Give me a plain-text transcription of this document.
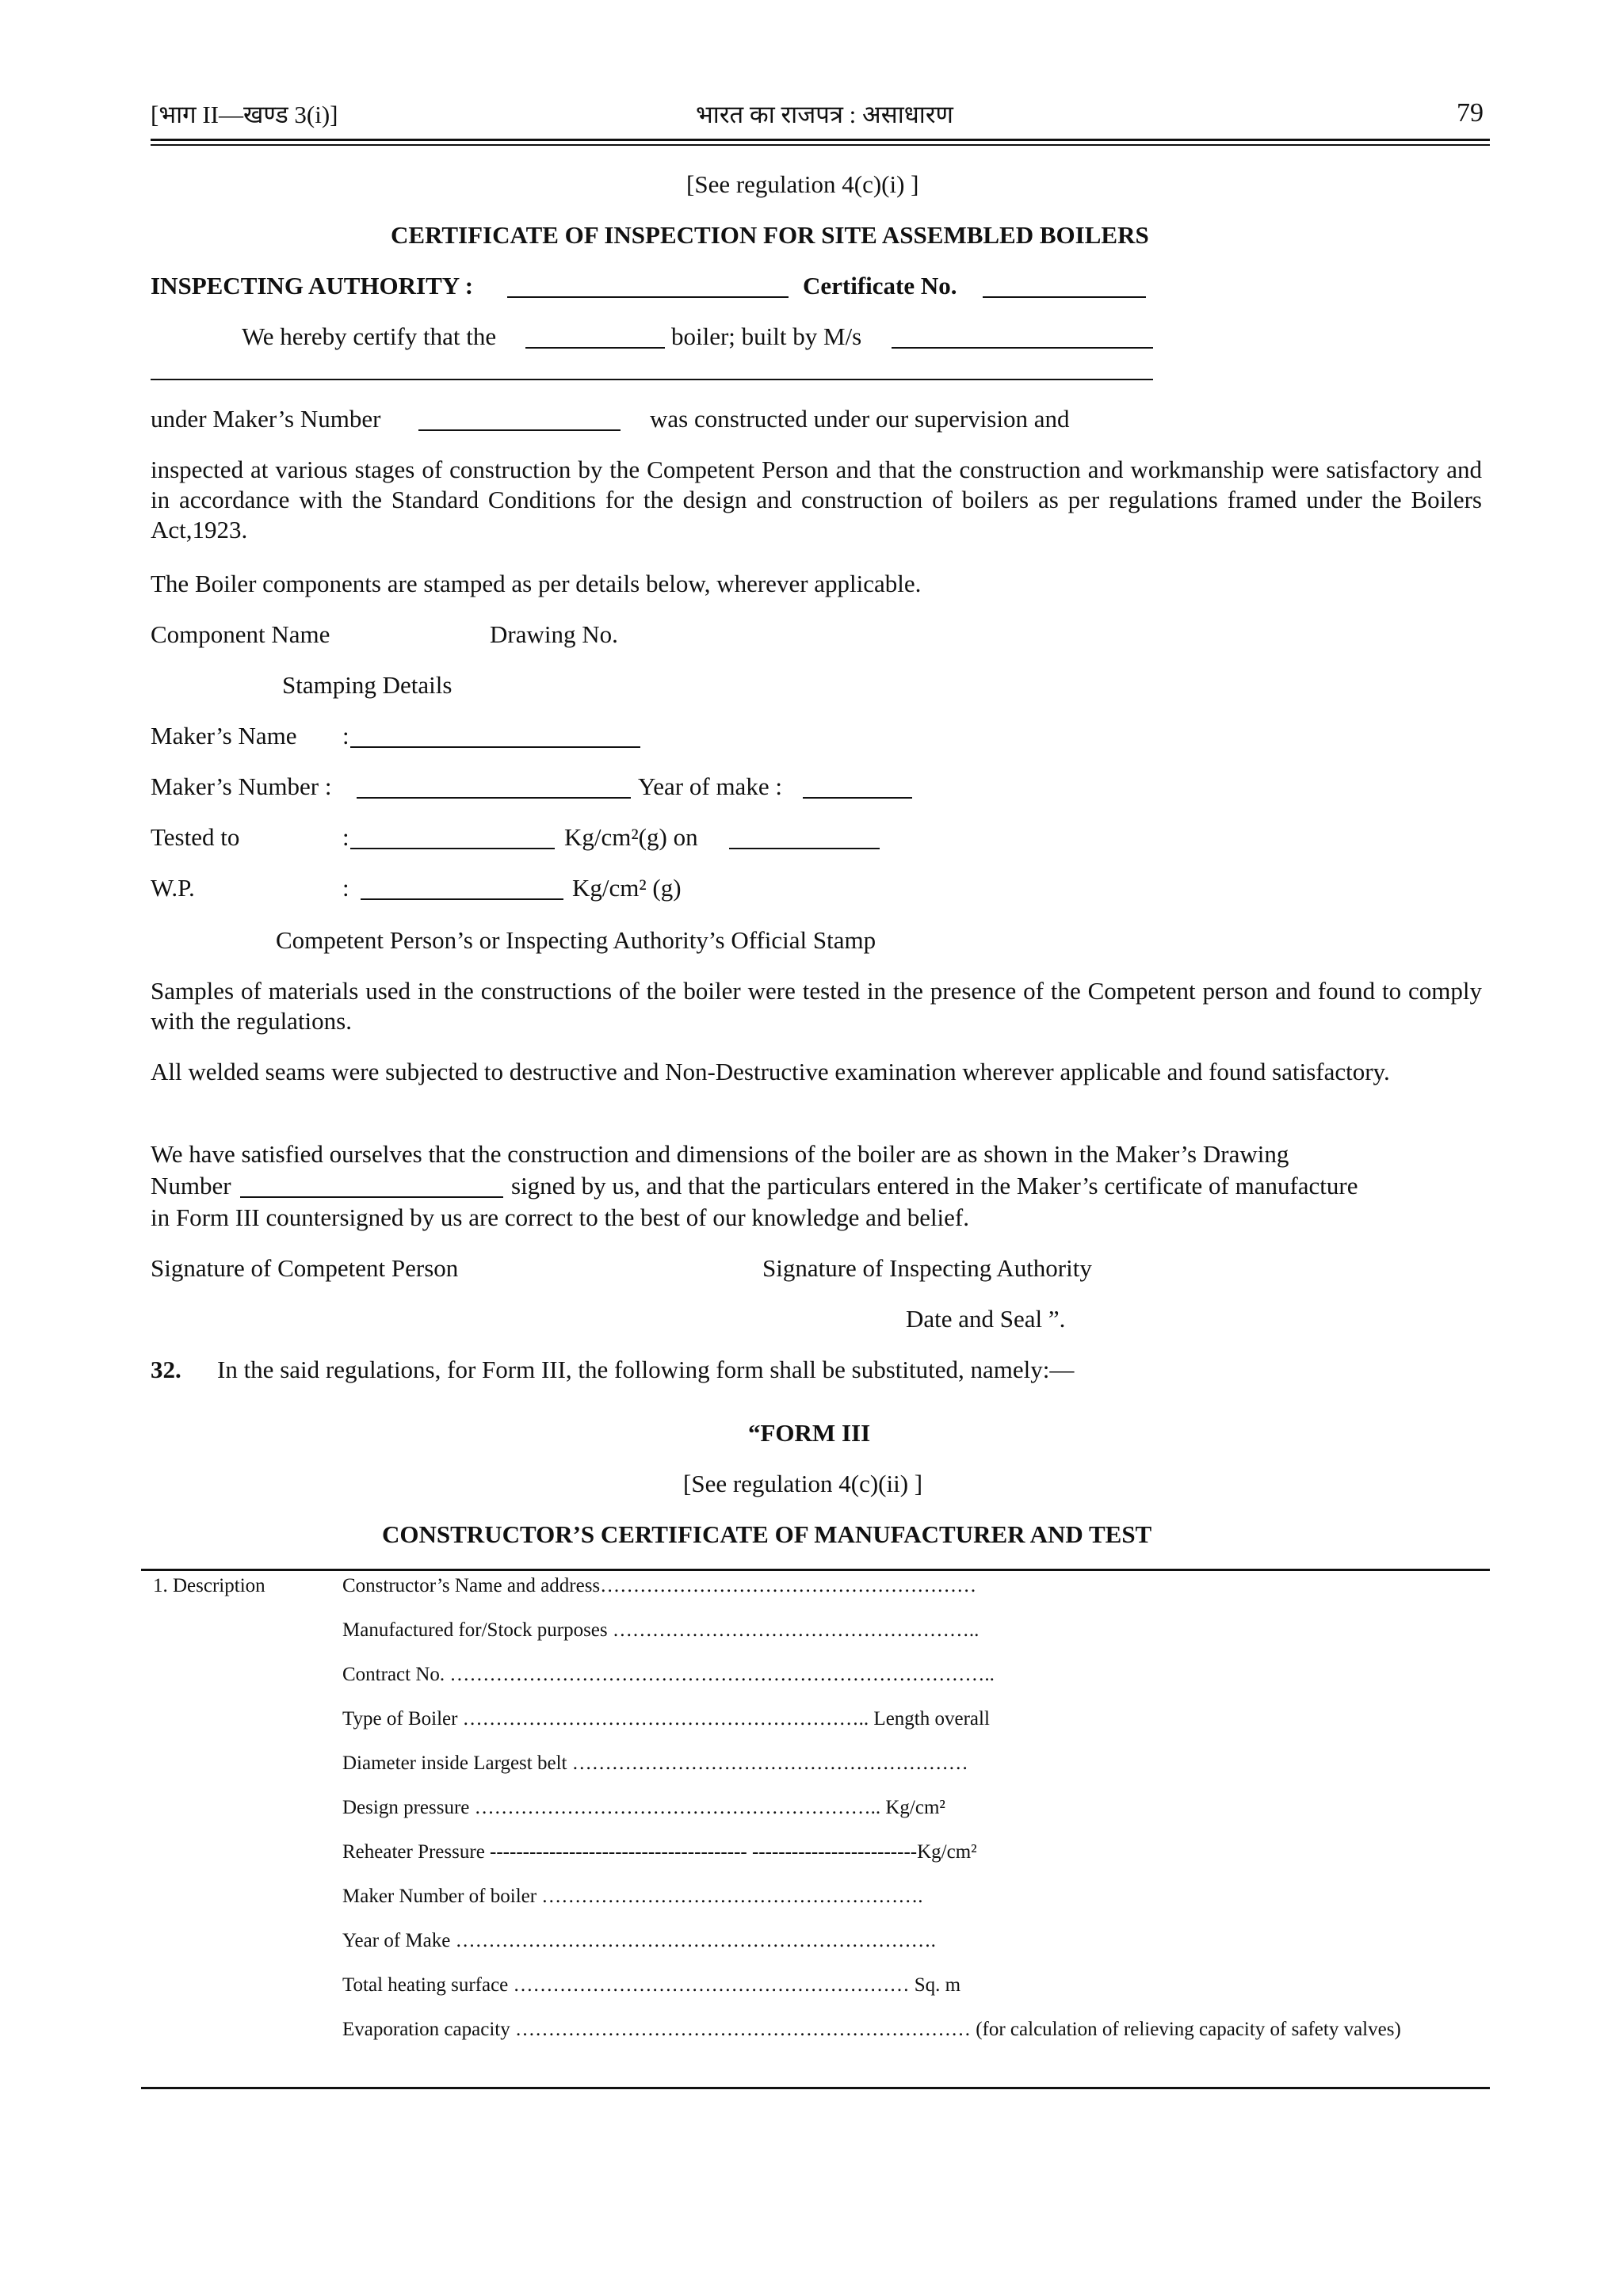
[भाग II—खण्ड 3(i)]	भारत का राजपत्र : असाधारण	79
[See regulation 4(c)(i) ]
CERTIFICATE OF INSPECTION FOR SITE ASSEMBLED BOILERS
INSPECTING AUTHORITY :	Certificate No.
We hereby certify that the	boiler; built by M/s
under Maker’s Number	was constructed under our supervision and
inspected at various stages of construction by the Competent Person and that the construction and workmanship were satisfactory and in accordance with the Standard Conditions for the design and construction of boilers as per regulations framed under the Boilers Act,1923.
The Boiler components are stamped as per details below, wherever applicable.
Component Name	Drawing No.
Stamping Details
Maker’s Name :
Maker’s Number :	Year of make :
Tested to	:	Kg/cm²(g) on
W.P.	:	Kg/cm² (g)
Competent Person’s or Inspecting Authority’s Official Stamp
Samples of materials used in the constructions of the boiler were tested in the presence of the Competent person and found to comply with the regulations.
All welded seams were subjected to destructive and Non-Destructive examination wherever applicable and found satisfactory.
We have satisfied ourselves that the construction and dimensions of the boiler are as shown in the Maker’s Drawing
Number	signed by us, and that the particulars entered in the Maker’s certificate of manufacture
in Form III countersigned by us are correct to the best of our knowledge and belief.
Signature of Competent Person	Signature of Inspecting Authority
Date and Seal ”.
32. In the said regulations, for Form III, the following form shall be substituted, namely:—
“FORM III
[See regulation 4(c)(ii) ]
CONSTRUCTOR’S CERTIFICATE OF MANUFACTURER AND TEST
1. Description	Constructor’s Name and address…………………………………………………
Manufactured for/Stock purposes ………………………………………………..
Contract No. ………………………………………………………………………..
Type of Boiler …………………………………………………….. Length overall
Diameter inside Largest belt ……………………………………………………
Design pressure …………………………………………………….. Kg/cm²
Reheater Pressure --------------------------------------- -------------------------Kg/cm²
Maker Number of boiler ………………………………………………….
Year of Make ……………………………………………………………….
Total heating surface …………………………………………………… Sq. m
Evaporation capacity …………………………………………………………… (for calculation of relieving capacity of safety valves)
